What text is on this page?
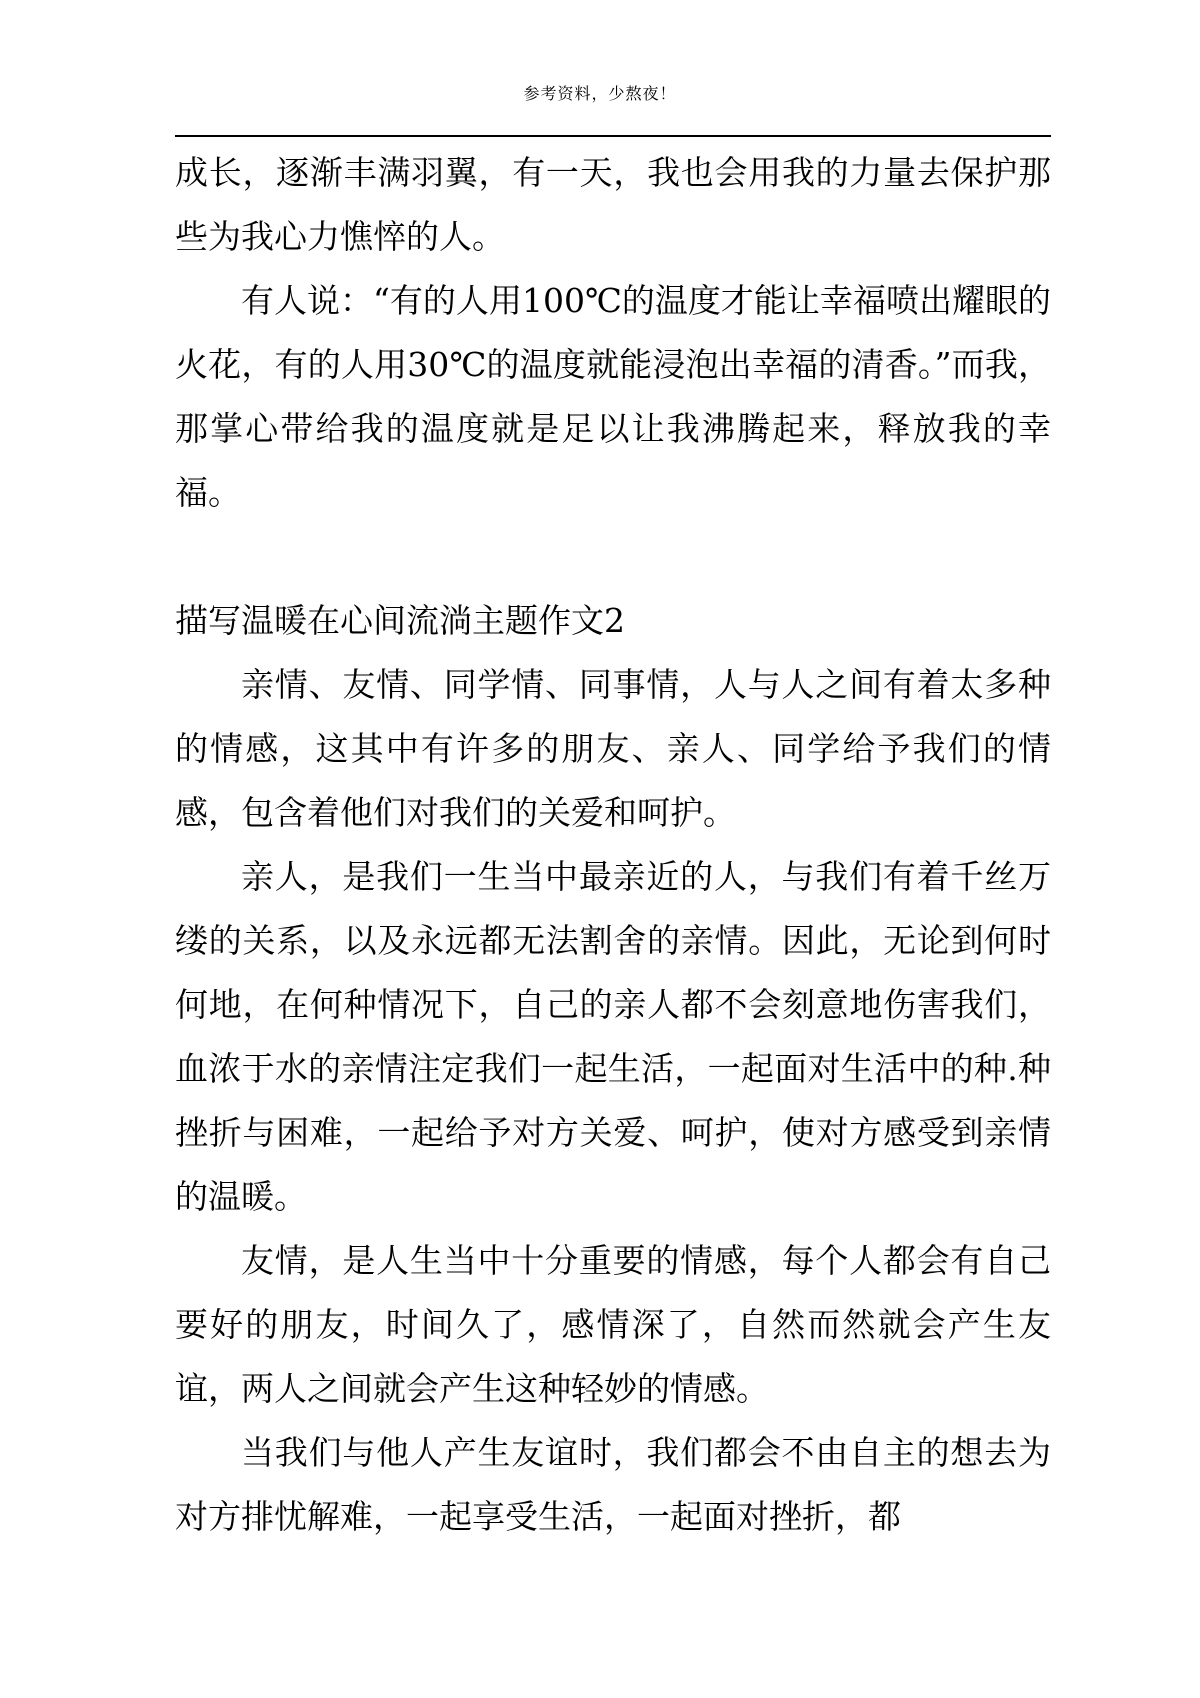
参考资料，少熬夜！

成长，逐渐丰满羽翼，有一天，我也会用我的力量去保护那些为我心力憔悴的人。

有人说：“有的人用100℃的温度才能让幸福喷出耀眼的火花，有的人用30℃的温度就能浸泡出幸福的清香。”而我，那掌心带给我的温度就是足以让我沸腾起来，释放我的幸福。

描写温暖在心间流淌主题作文2

亲情、友情、同学情、同事情，人与人之间有着太多种的情感，这其中有许多的朋友、亲人、同学给予我们的情感，包含着他们对我们的关爱和呵护。

亲人，是我们一生当中最亲近的人，与我们有着千丝万缕的关系，以及永远都无法割舍的亲情。因此，无论到何时何地，在何种情况下，自己的亲人都不会刻意地伤害我们，血浓于水的亲情注定我们一起生活，一起面对生活中的种.种挫折与困难，一起给予对方关爱、呵护，使对方感受到亲情的温暖。

友情，是人生当中十分重要的情感，每个人都会有自己要好的朋友，时间久了，感情深了，自然而然就会产生友谊，两人之间就会产生这种轻妙的情感。

当我们与他人产生友谊时，我们都会不由自主的想去为对方排忧解难，一起享受生活，一起面对挫折，都
